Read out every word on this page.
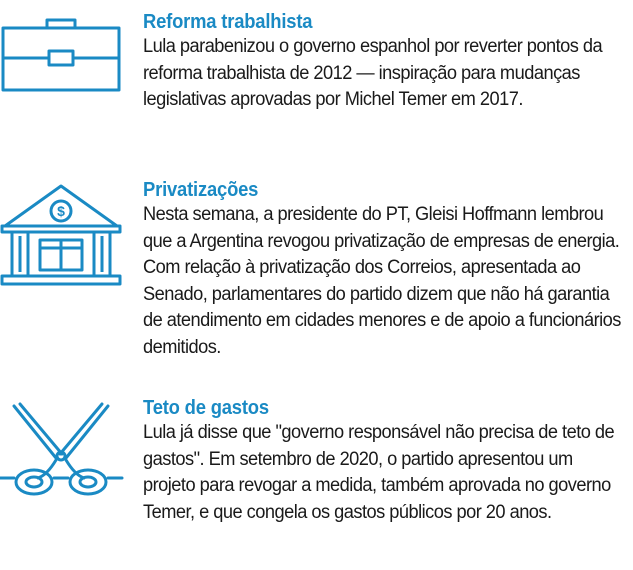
Reforma trabalhista

Lula parabenizou o governo espanhol por reverter pontos da reforma trabalhista de 2012 — inspiração para mudanças legislativas aprovadas por Michel Temer em 2017.

$
Privatizações

Nesta semana, a presidente do PT, Gleisi Hoffmann lembrou que a Argentina revogou privatização de empresas de energia. Com relação à privatização dos Correios, apresentada ao Senado, parlamentares do partido dizem que não há garantia de atendimento em cidades menores e de apoio a funcionários demitidos.

Teto de gastos

Lula já disse que "governo responsável não precisa de teto de gastos". Em setembro de 2020, o partido apresentou um projeto para revogar a medida, também aprovada no governo Temer, e que congela os gastos públicos por 20 anos.
